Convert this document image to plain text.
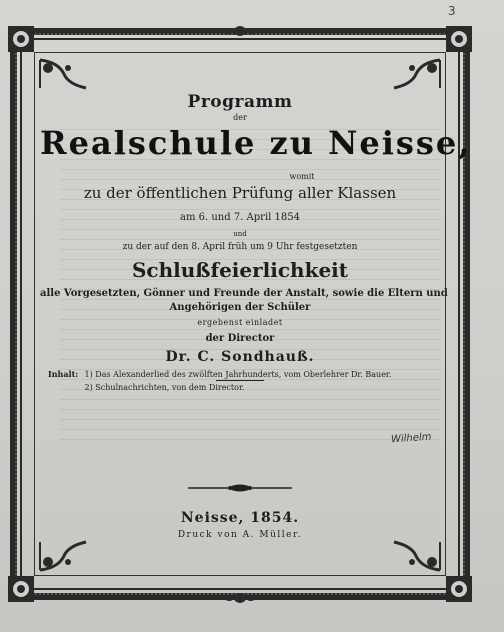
3
Programm
der
Realschule zu Neisse,
womit
zu der öffentlichen Prüfung aller Klassen
am 6. und 7. April 1854
und
zu der auf den 8. April früh um 9 Uhr festgesetzten
Schlußfeierlichkeit
alle Vorgesetzten, Gönner und Freunde der Anstalt, sowie die Eltern und
Angehörigen der Schüler
ergebenst einladet
der Director
Dr. C. Sondhauß.
Inhalt: 1) Das Alexanderlied des zwölften Jahrhunderts, vom Oberlehrer Dr. Bauer.
2) Schulnachrichten, von dem Director.
Wilhelm
Neisse, 1854.
Druck von A. Müller.
